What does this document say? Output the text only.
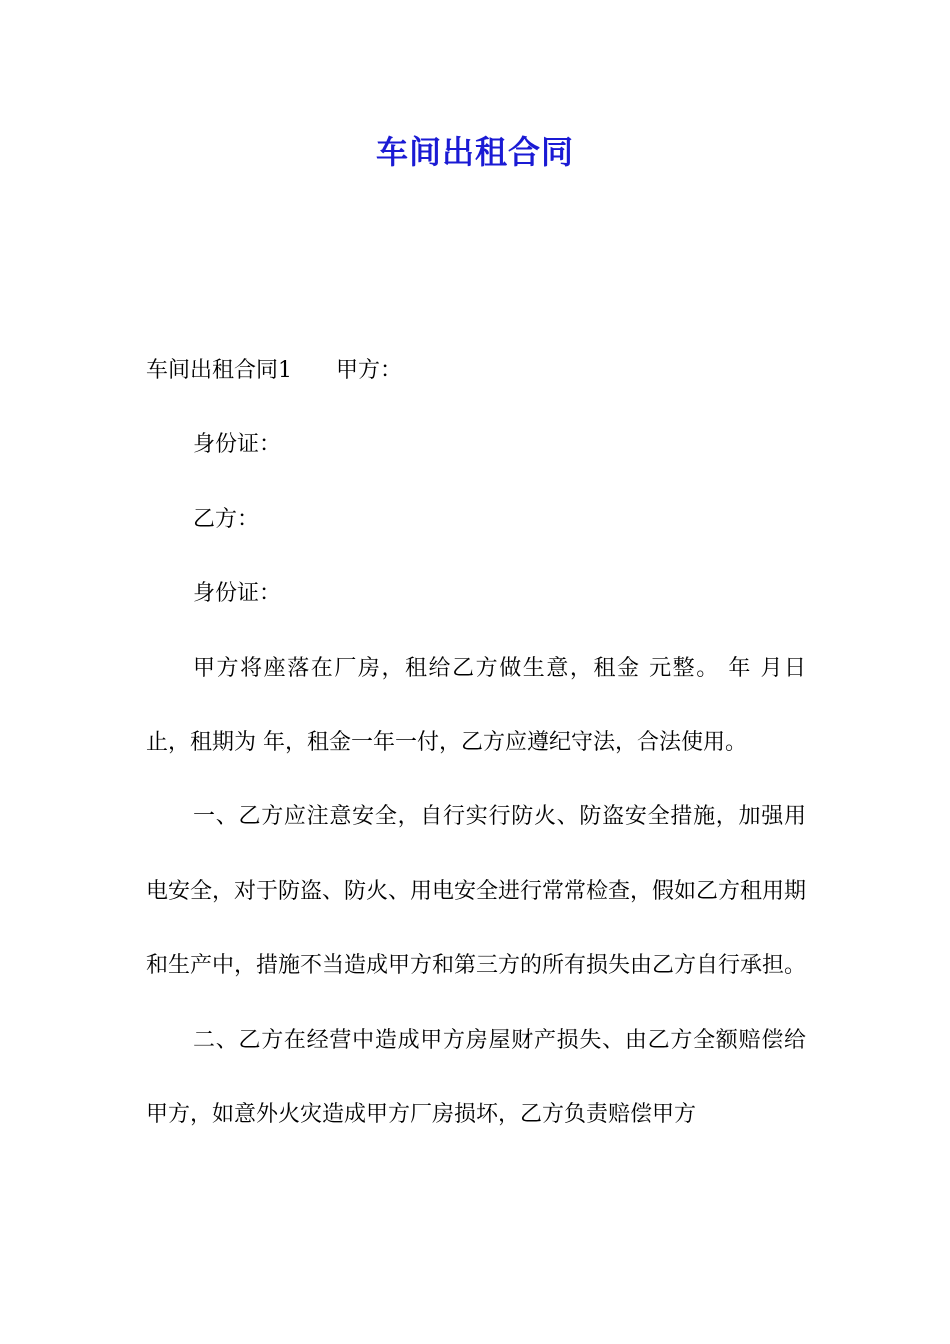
车间出租合同

车间出租合同1 甲方：

身份证：

乙方：

身份证：

甲方将座落在厂房，租给乙方做生意，租金 元整。 年 月日止，租期为 年，租金一年一付，乙方应遵纪守法，合法使用。

一、乙方应注意安全，自行实行防火、防盗安全措施，加强用电安全，对于防盗、防火、用电安全进行常常检查，假如乙方租用期和生产中，措施不当造成甲方和第三方的所有损失由乙方自行承担。

二、乙方在经营中造成甲方房屋财产损失、由乙方全额赔偿给甲方，如意外火灾造成甲方厂房损坏，乙方负责赔偿甲方
